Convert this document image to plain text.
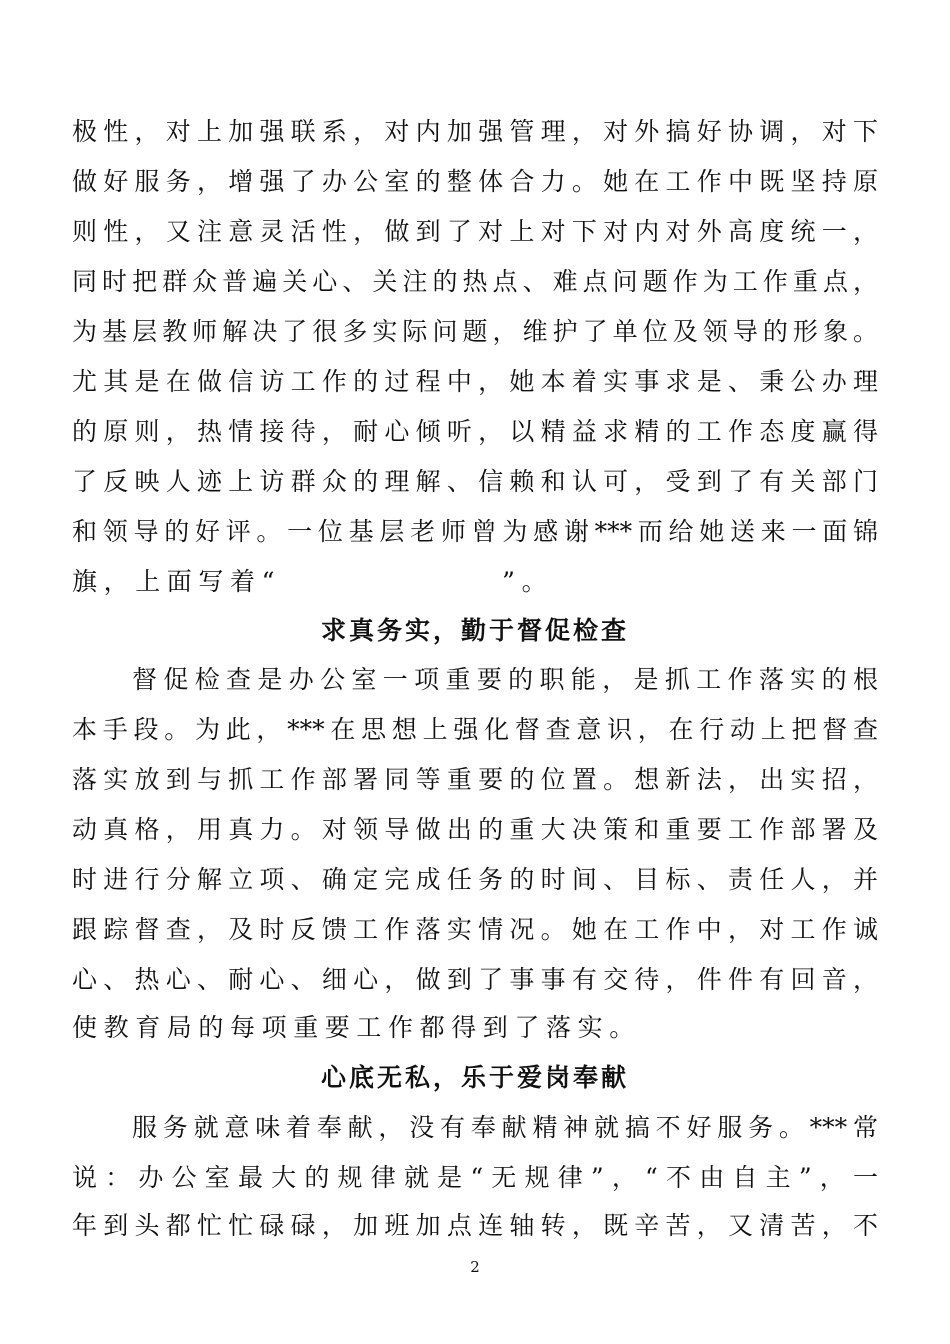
极性，对上加强联系，对内加强管理，对外搞好协调，对下
做好服务，增强了办公室的整体合力。她在工作中既坚持原
则性，又注意灵活性，做到了对上对下对内对外高度统一，
同时把群众普遍关心、关注的热点、难点问题作为工作重点，
为基层教师解决了很多实际问题，维护了单位及领导的形象。
尤其是在做信访工作的过程中，她本着实事求是、秉公办理
的原则，热情接待，耐心倾听，以精益求精的工作态度赢得
了反映人迹上访群众的理解、信赖和认可，受到了有关部门
和领导的好评。一位基层老师曾为感谢***而给她送来一面锦
旗，上面写着“　　　　　　　”。
求真务实，勤于督促检查
督促检查是办公室一项重要的职能，是抓工作落实的根
本手段。为此，***在思想上强化督查意识，在行动上把督查
落实放到与抓工作部署同等重要的位置。想新法，出实招，
动真格，用真力。对领导做出的重大决策和重要工作部署及
时进行分解立项、确定完成任务的时间、目标、责任人，并
跟踪督查，及时反馈工作落实情况。她在工作中，对工作诚
心、热心、耐心、细心，做到了事事有交待，件件有回音，
使教育局的每项重要工作都得到了落实。
心底无私，乐于爱岗奉献
服务就意味着奉献，没有奉献精神就搞不好服务。***常
说：办公室最大的规律就是“无规律”，“不由自主”，一
年到头都忙忙碌碌，加班加点连轴转，既辛苦，又清苦，不
2
